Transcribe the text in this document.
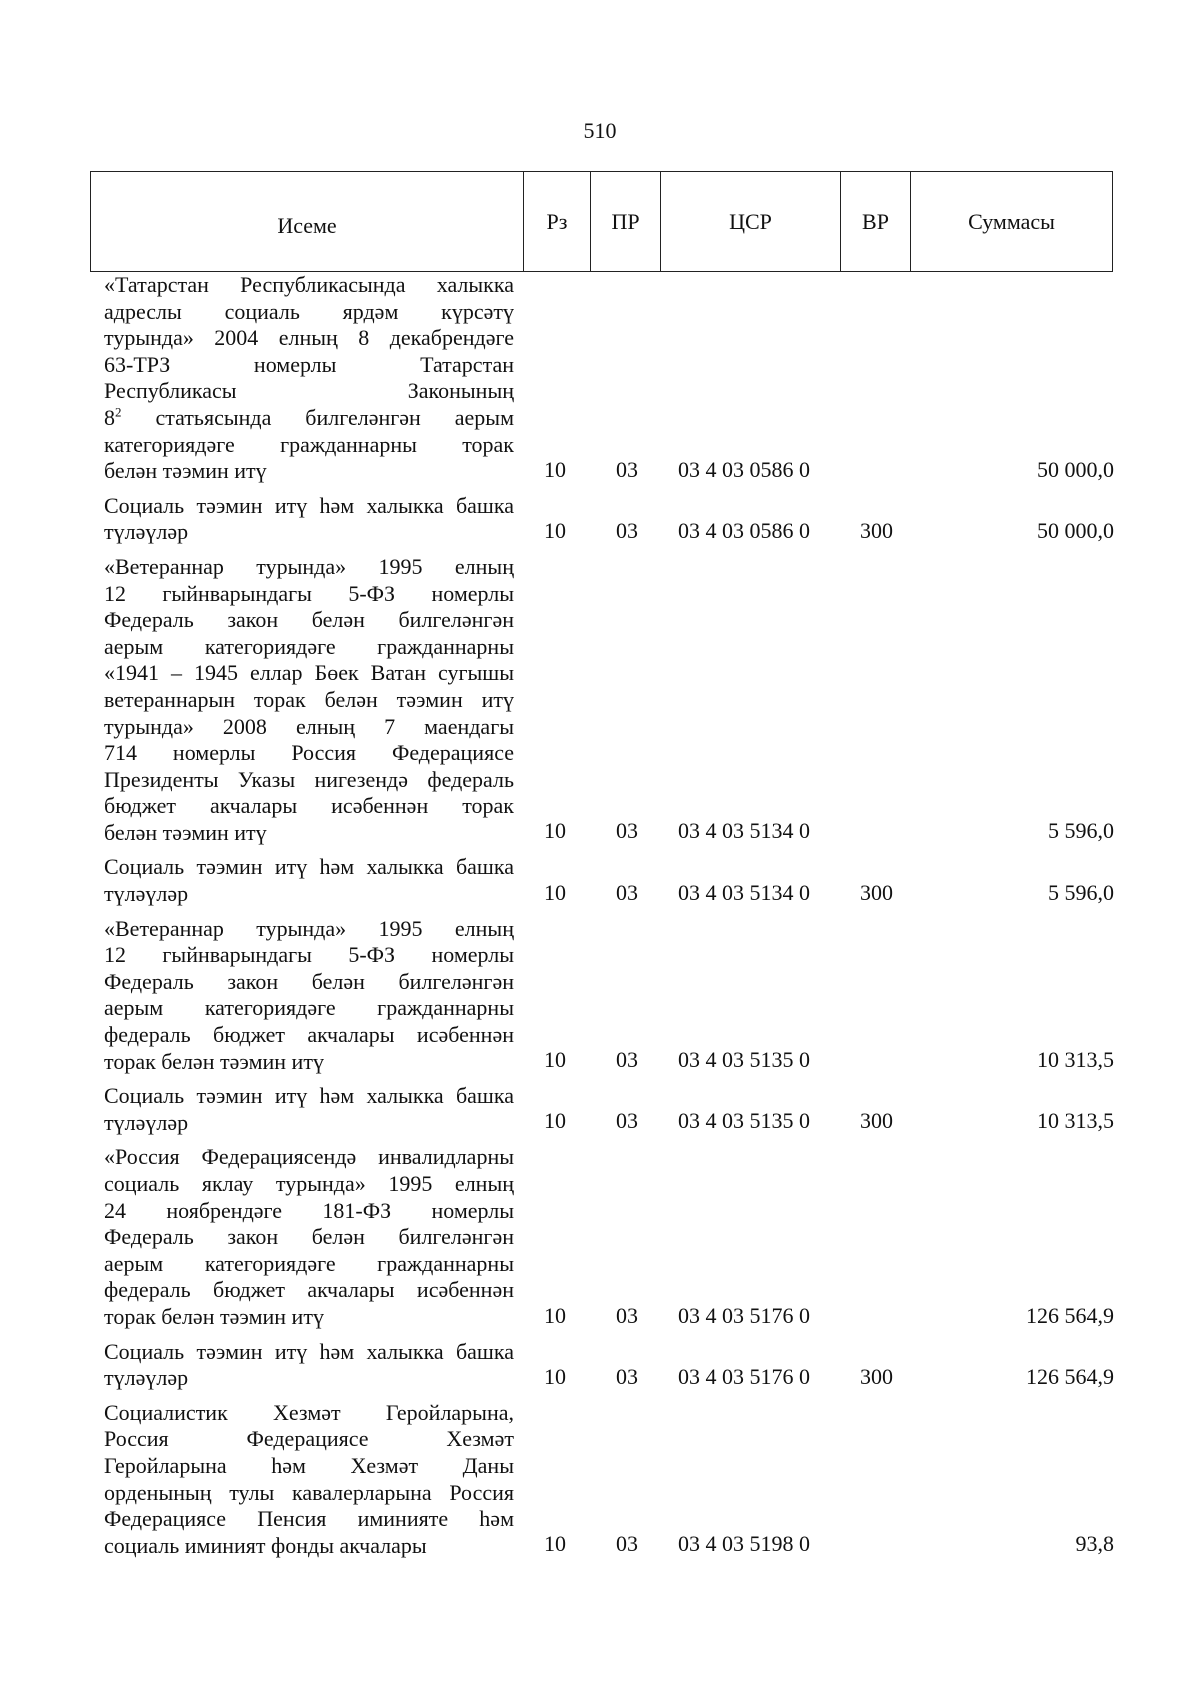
510
Исеме	Рз	ПР	ЦСР	ВР	Суммасы
«Татарстан Республикасында халыкка
адреслы социаль ярдәм күрсәтү
турында» 2004 елның 8 декабрендәге
63-ТРЗ номерлы Татарстан
Республикасы Законының
$8^2$ статьясында билгеләнгән аерым
категориядәге гражданнарны торак
белән тәэмин итү	10 03 03 4 03 0586 0	50 000,0
Социаль тәэмин итү һәм халыкка башка
түләүләр	10 03 03 4 03 0586 0 300	50 000,0
«Ветераннар турында» 1995 елның
12 гыйнварындагы 5-ФЗ номерлы
Федераль закон белән билгеләнгән
аерым категориядәге гражданнарны
«1941 – 1945 еллар Бөек Ватан сугышы
ветераннарын торак белән тәэмин итү
турында» 2008 елның 7 маендагы
714 номерлы Россия Федерациясе
Президенты Указы нигезендә федераль
бюджет акчалары исәбеннән торак
белән тәэмин итү	10 03 03 4 03 5134 0	5 596,0
Социаль тәэмин итү һәм халыкка башка
түләүләр	10 03 03 4 03 5134 0 300	5 596,0
«Ветераннар турында» 1995 елның
12 гыйнварындагы 5-ФЗ номерлы
Федераль закон белән билгеләнгән
аерым категориядәге гражданнарны
федераль бюджет акчалары исәбеннән
торак белән тәэмин итү	10 03 03 4 03 5135 0	10 313,5
Социаль тәэмин итү һәм халыкка башка
түләүләр	10 03 03 4 03 5135 0 300	10 313,5
«Россия Федерациясендә инвалидларны
социаль яклау турында» 1995 елның
24 ноябрендәге 181-ФЗ номерлы
Федераль закон белән билгеләнгән
аерым категориядәге гражданнарны
федераль бюджет акчалары исәбеннән
торак белән тәэмин итү	10 03 03 4 03 5176 0	126 564,9
Социаль тәэмин итү һәм халыкка башка
түләүләр	10 03 03 4 03 5176 0 300	126 564,9
Социалистик Хезмәт Геройларына,
Россия Федерациясе Хезмәт
Геройларына һәм Хезмәт Даны
орденының тулы кавалерларына Россия
Федерациясе Пенсия иминияте һәм
социаль иминият фонды акчалары	10 03 03 4 03 5198 0	93,8
